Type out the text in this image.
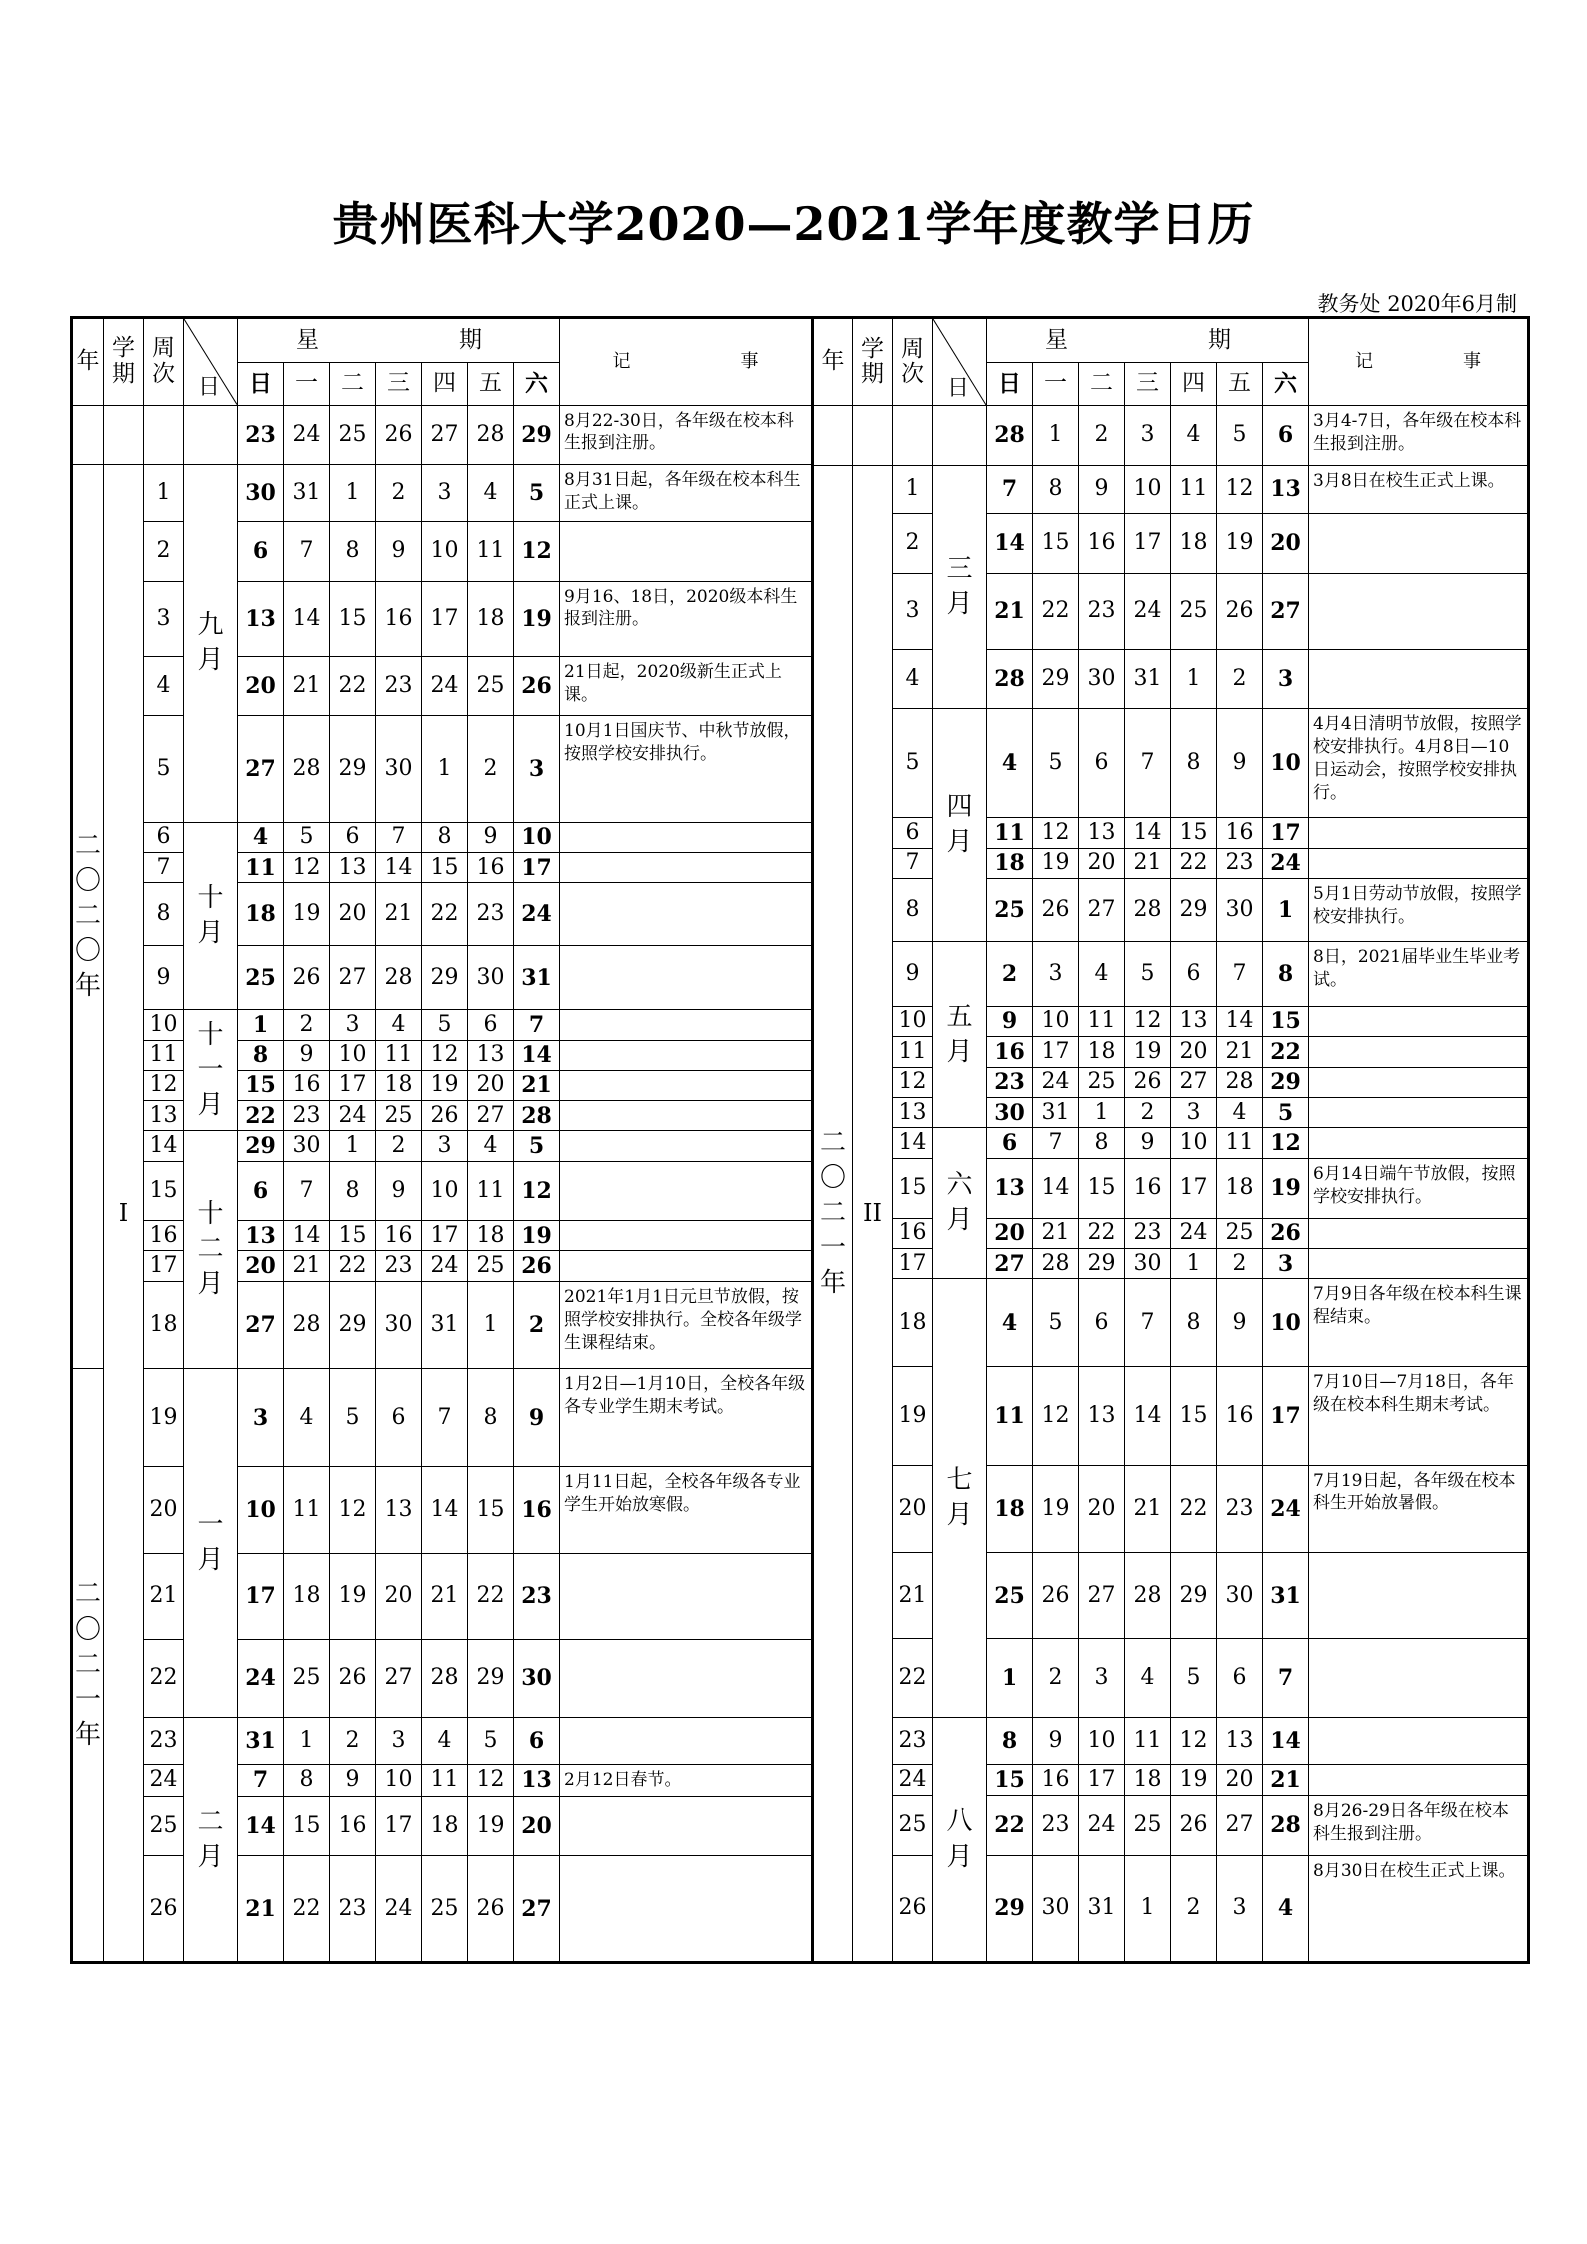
贵州医科大学2020—2021学年度教学日历
教务处 2020年6月制
年	学期	周次	日	星 期							记 事
				日	一	二	三	四	五	六	
				23	24	25	26	27	28	29	8月22-30日，各年级在校本科生报到注册。
二〇二〇年	I	1	九月	30	31	1	2	3	4	5	8月31日起，各年级在校本科生正式上课。
		2		6	7	8	9	10	11	12	
		3		13	14	15	16	17	18	19	9月16、18日，2020级本科生报到注册。
		4		20	21	22	23	24	25	26	21日起，2020级新生正式上课。
		5		27	28	29	30	1	2	3	10月1日国庆节、中秋节放假，按照学校安排执行。
		6	十月	4	5	6	7	8	9	10	
		7		11	12	13	14	15	16	17	
		8		18	19	20	21	22	23	24	
		9		25	26	27	28	29	30	31	
		10	十一月	1	2	3	4	5	6	7	
		11		8	9	10	11	12	13	14	
		12		15	16	17	18	19	20	21	
		13		22	23	24	25	26	27	28	
		14	十二月	29	30	1	2	3	4	5	
		15		6	7	8	9	10	11	12	
		16		13	14	15	16	17	18	19	
		17		20	21	22	23	24	25	26	
		18		27	28	29	30	31	1	2	2021年1月1日元旦节放假，按照学校安排执行。全校各年级学生课程结束。
二〇二一年		19	一月	3	4	5	6	7	8	9	1月2日—1月10日，全校各年级各专业学生期末考试。
		20		10	11	12	13	14	15	16	1月11日起，全校各年级各专业学生开始放寒假。
		21		17	18	19	20	21	22	23	
		22		24	25	26	27	28	29	30	
		23	二月	31	1	2	3	4	5	6	
		24		7	8	9	10	11	12	13	2月12日春节。
		25		14	15	16	17	18	19	20	
		26		21	22	23	24	25	26	27	
年	学期	周次	日	星 期							记 事
				日	一	二	三	四	五	六	
				28	1	2	3	4	5	6	3月4-7日，各年级在校本科生报到注册。
二〇二一年	II	1	三月	7	8	9	10	11	12	13	3月8日在校生正式上课。
		2		14	15	16	17	18	19	20	
		3		21	22	23	24	25	26	27	
		4		28	29	30	31	1	2	3	
		5	四月	4	5	6	7	8	9	10	4月4日清明节放假，按照学校安排执行。4月8日—10日运动会，按照学校安排执行。
		6		11	12	13	14	15	16	17	
		7		18	19	20	21	22	23	24	
		8		25	26	27	28	29	30	1	5月1日劳动节放假，按照学校安排执行。
		9	五月	2	3	4	5	6	7	8	8日，2021届毕业生毕业考试。
		10		9	10	11	12	13	14	15	
		11		16	17	18	19	20	21	22	
		12		23	24	25	26	27	28	29	
		13		30	31	1	2	3	4	5	
		14	六月	6	7	8	9	10	11	12	
		15		13	14	15	16	17	18	19	6月14日端午节放假，按照学校安排执行。
		16		20	21	22	23	24	25	26	
		17		27	28	29	30	1	2	3	
		18	七月	4	5	6	7	8	9	10	7月9日各年级在校本科生课程结束。
		19		11	12	13	14	15	16	17	7月10日—7月18日，各年级在校本科生期末考试。
		20		18	19	20	21	22	23	24	7月19日起，各年级在校本科生开始放暑假。
		21		25	26	27	28	29	30	31	
		22		1	2	3	4	5	6	7	
		23	八月	8	9	10	11	12	13	14	
		24		15	16	17	18	19	20	21	
		25		22	23	24	25	26	27	28	8月26-29日各年级在校本科生报到注册。
		26		29	30	31	1	2	3	4	8月30日在校生正式上课。
